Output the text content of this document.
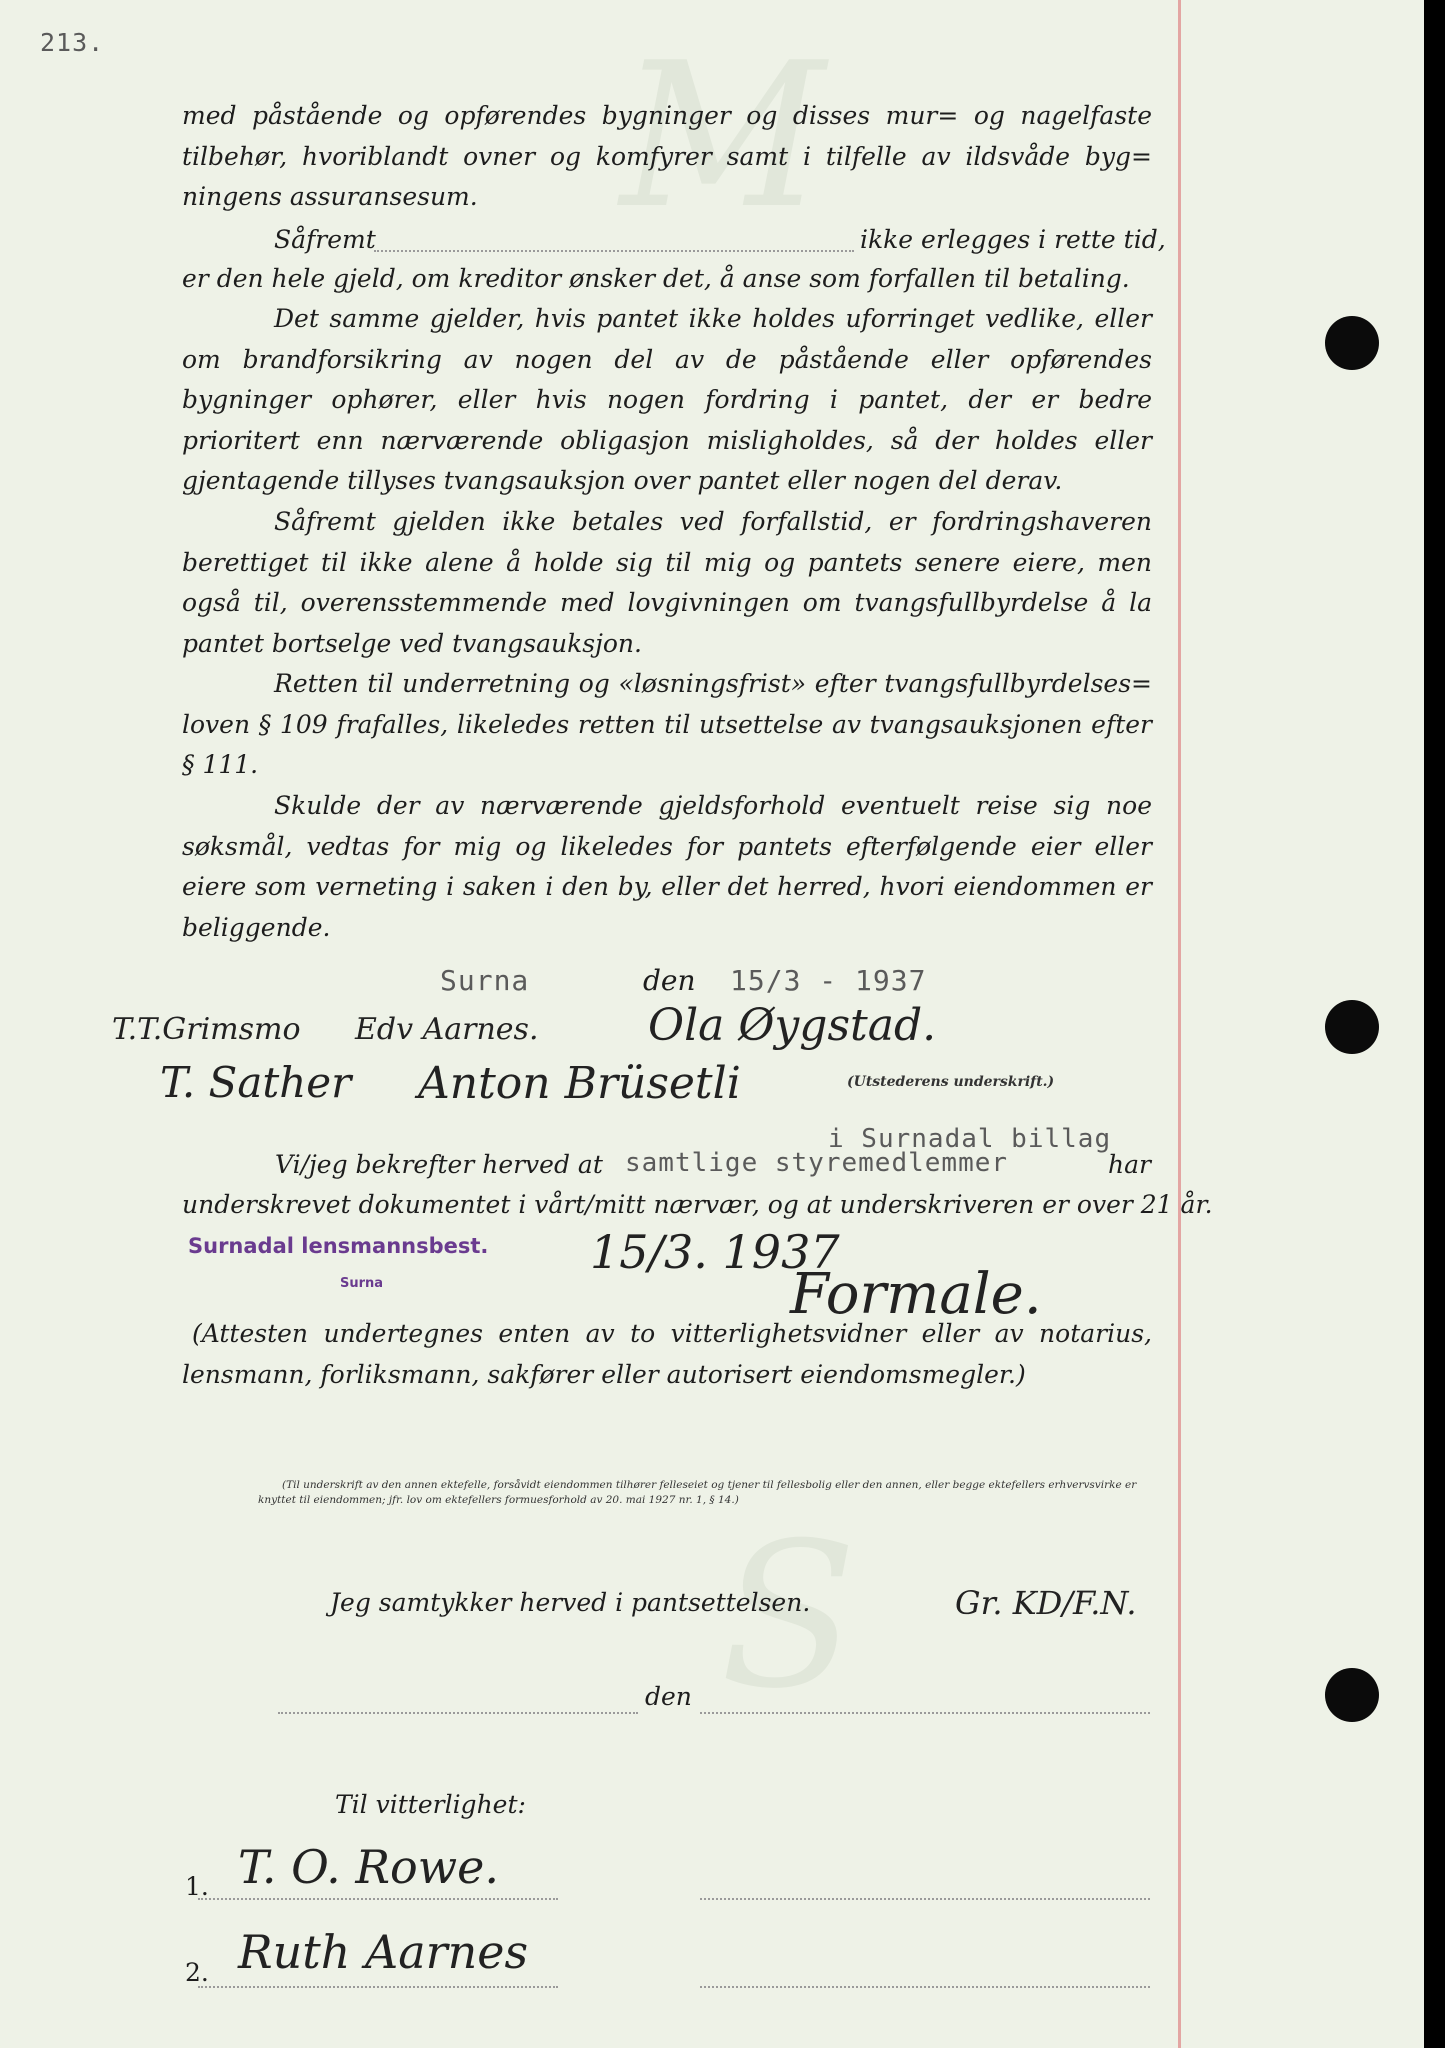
M
S
213.

med påstående og opførendes bygninger og disses mur= og nagelfaste tilbehør, hvoriblandt ovner og komfyrer samt i tilfelle av ildsvåde byg= ningens assuransesum.

Såfremt	ikke erlegges i rette tid,

er den hele gjeld, om kreditor ønsker det, å anse som forfallen til betaling.

Det samme gjelder, hvis pantet ikke holdes uforringet vedlike, eller om brandforsikring av nogen del av de påstående eller opførendes bygninger ophører, eller hvis nogen fordring i pantet, der er bedre prioritert enn nærværende obligasjon misligholdes, så der holdes eller gjentagende tillyses tvangsauksjon over pantet eller nogen del derav.

Såfremt gjelden ikke betales ved forfallstid, er fordringshaveren berettiget til ikke alene å holde sig til mig og pantets senere eiere, men også til, overensstemmende med lovgivningen om tvangsfullbyrdelse å la pantet bortselge ved tvangsauksjon.

Retten til underretning og «løsningsfrist» efter tvangsfullbyrdelses= loven § 109 frafalles, likeledes retten til utsettelse av tvangsauksjonen efter § 111.

Skulde der av nærværende gjeldsforhold eventuelt reise sig noe søksmål, vedtas for mig og likeledes for pantets efterfølgende eier eller eiere som verneting i saken i den by, eller det herred, hvori eiendommen er beliggende.

Surna	den 15/3 - 1937
T.T.Grimsmo Edv Aarnes. Ola Øygstad.
T. Sather Anton Brüsetli	(Utstederens underskrift.)
i Surnadal billag
Vi/jeg bekrefter herved at samtlige styremedlemmer	har
underskrevet dokumentet i vårt/mitt nærvær, og at underskriveren er over 21 år.
Surnadal lensmannsbest.
Surna
15/3. 1937
Formale.

(Attesten undertegnes enten av to vitterlighetsvidner eller av notarius, lensmann, forliksmann, sakfører eller autorisert eiendomsmegler.)

(Til underskrift av den annen ektefelle, forsåvidt eiendommen tilhører felleseiet og tjener til fellesbolig eller den annen, eller begge ektefellers erhvervsvirke er knyttet til eiendommen; jfr. lov om ektefellers formuesforhold av 20. mai 1927 nr. 1, § 14.)

Jeg samtykker herved i pantsettelsen.	Gr. KD/F.N.
den
Til vitterlighet:
1. T. O. Rowe.
2. Ruth Aarnes
